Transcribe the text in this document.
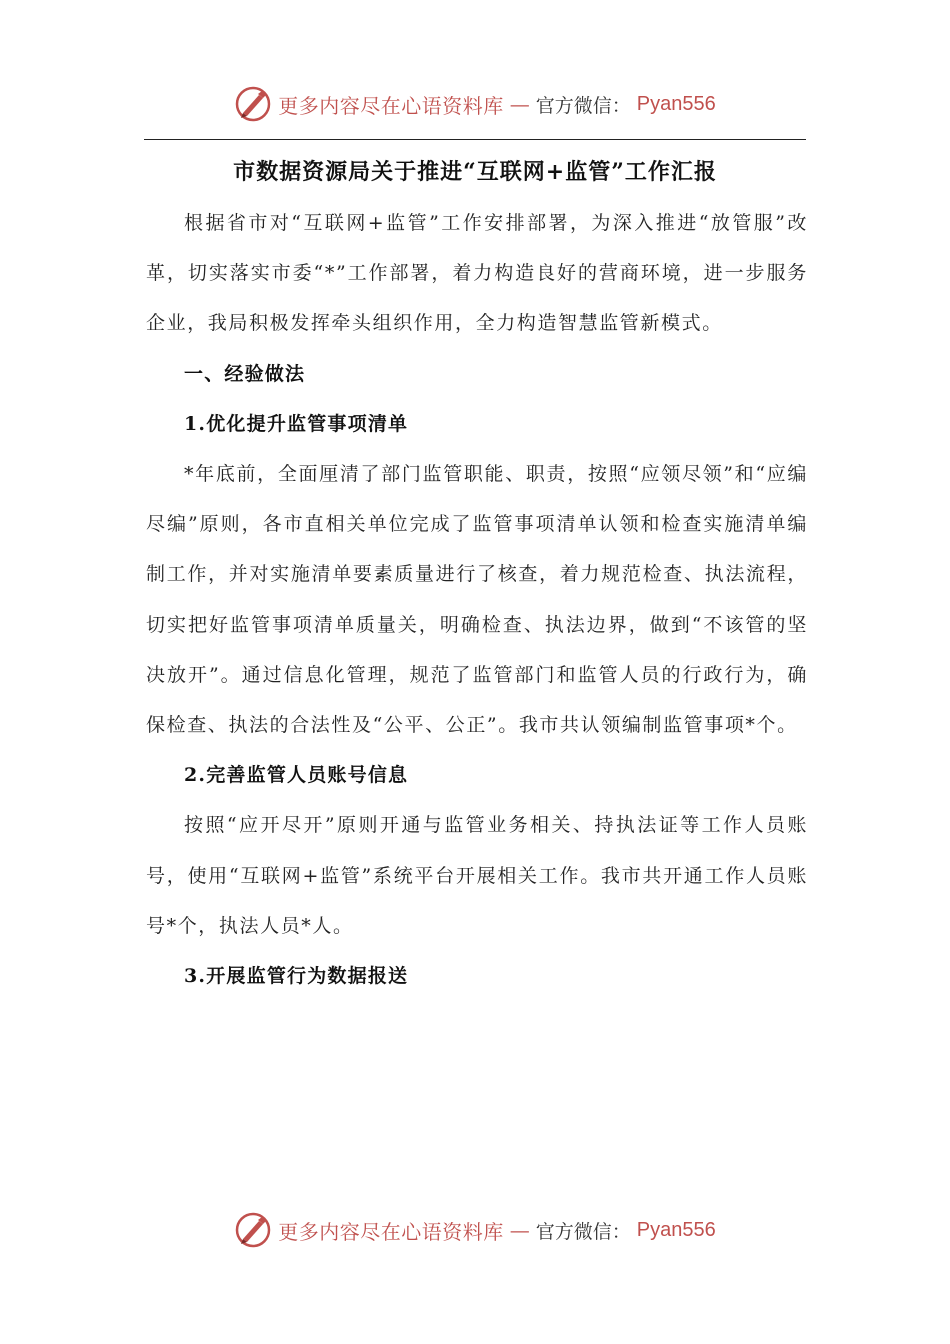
更多内容尽在心语资料库 — 官方微信： Pyan556
市数据资源局关于推进“互联网+监管”工作汇报

根据省市对“互联网+监管”工作安排部署，为深入推进“放管服”改革，切实落实市委“*”工作部署，着力构造良好的营商环境，进一步服务企业，我局积极发挥牵头组织作用，全力构造智慧监管新模式。

一、经验做法

1.优化提升监管事项清单

*年底前，全面厘清了部门监管职能、职责，按照“应领尽领”和“应编尽编”原则，各市直相关单位完成了监管事项清单认领和检查实施清单编制工作，并对实施清单要素质量进行了核查，着力规范检查、执法流程，切实把好监管事项清单质量关，明确检查、执法边界，做到“不该管的坚决放开”。通过信息化管理，规范了监管部门和监管人员的行政行为，确保检查、执法的合法性及“公平、公正”。我市共认领编制监管事项*个。

2.完善监管人员账号信息

按照“应开尽开”原则开通与监管业务相关、持执法证等工作人员账号，使用“互联网+监管”系统平台开展相关工作。我市共开通工作人员账号*个，执法人员*人。

3.开展监管行为数据报送

更多内容尽在心语资料库 — 官方微信： Pyan556
